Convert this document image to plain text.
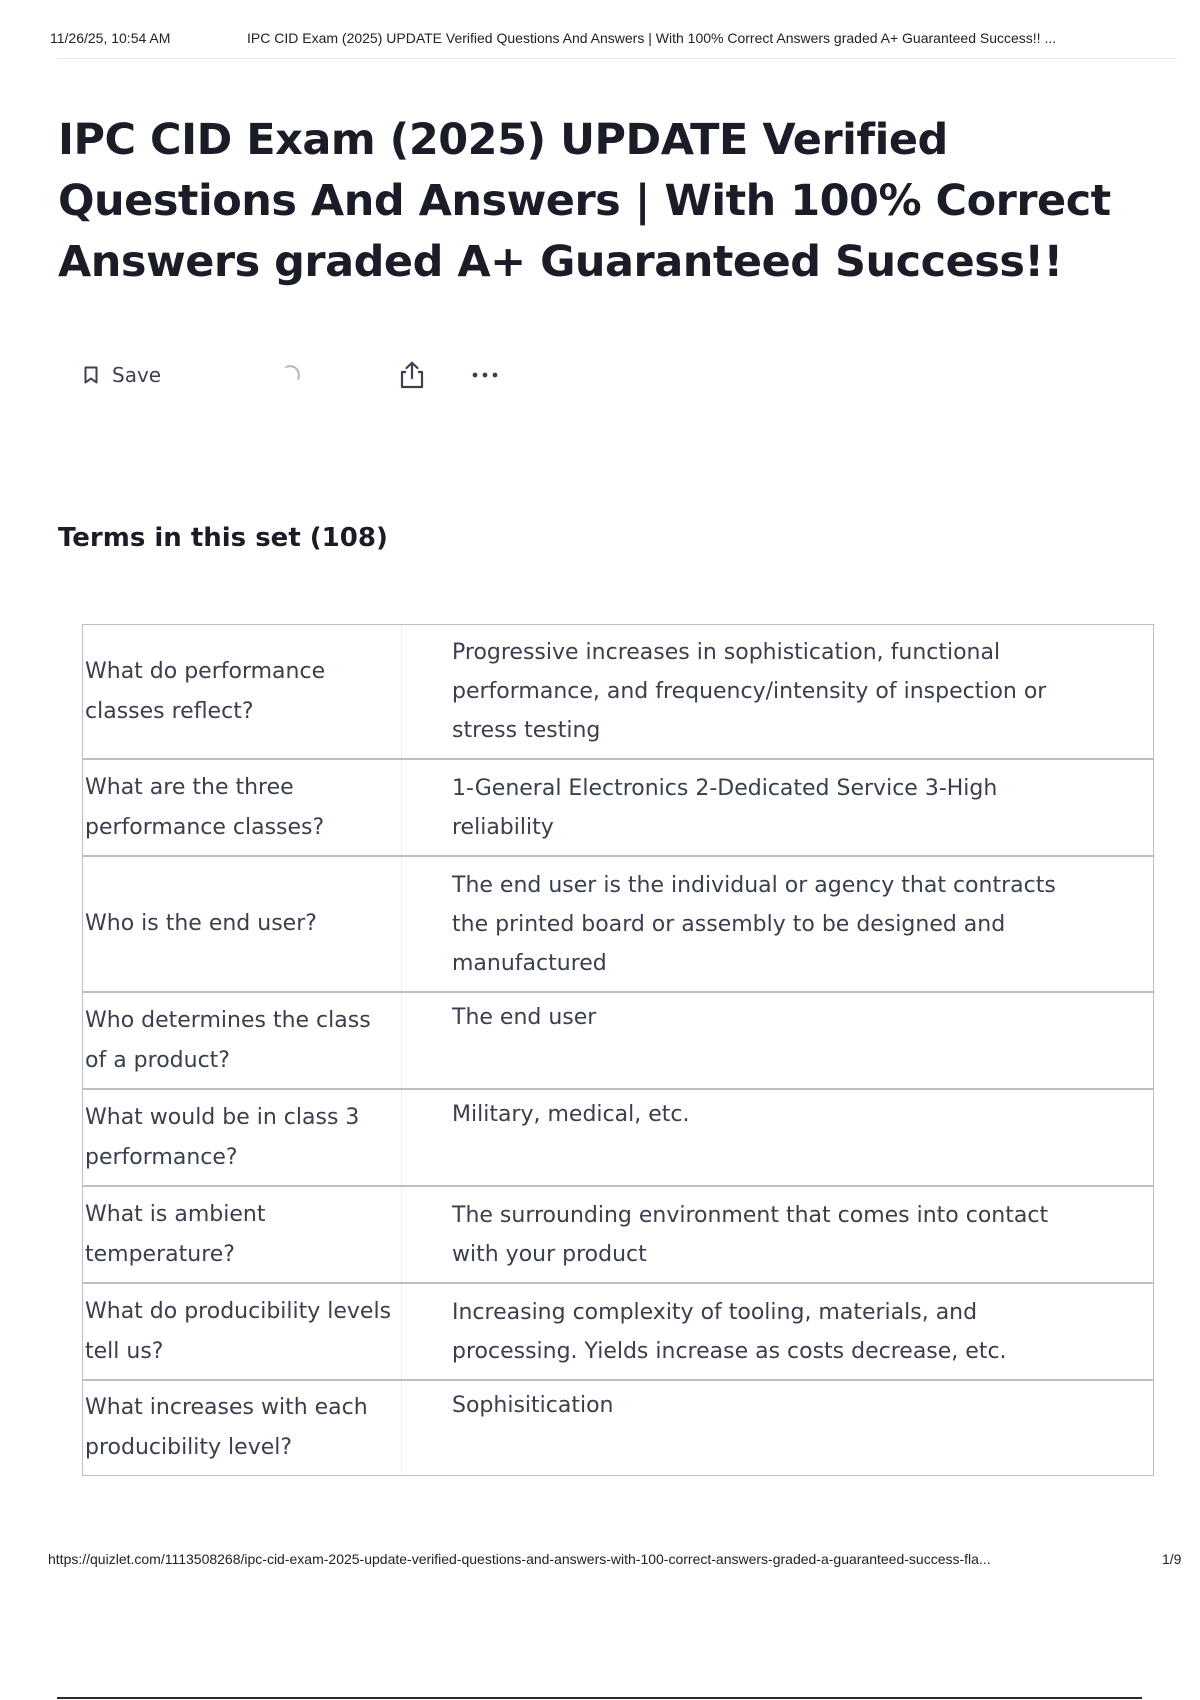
11/26/25, 10:54 AM	IPC CID Exam (2025) UPDATE Verified Questions And Answers | With 100% Correct Answers graded A+ Guaranteed Success!! ...
IPC CID Exam (2025) UPDATE Verified Questions And Answers | With 100% Correct Answers graded A+ Guaranteed Success!!
Save
Terms in this set (108)
What do performance classes reflect?
Progressive increases in sophistication, functional performance, and frequency/intensity of inspection or stress testing
What are the three performance classes?
1-General Electronics 2-Dedicated Service 3-High reliability
Who is the end user?
The end user is the individual or agency that contracts the printed board or assembly to be designed and manufactured
Who determines the class of a product?
The end user
What would be in class 3 performance?
Military, medical, etc.
What is ambient temperature?
The surrounding environment that comes into contact with your product
What do producibility levels tell us?
Increasing complexity of tooling, materials, and processing. Yields increase as costs decrease, etc.
What increases with each producibility level?
Sophisitication
https://quizlet.com/1113508268/ipc-cid-exam-2025-update-verified-questions-and-answers-with-100-correct-answers-graded-a-guaranteed-success-fla...	1/9
